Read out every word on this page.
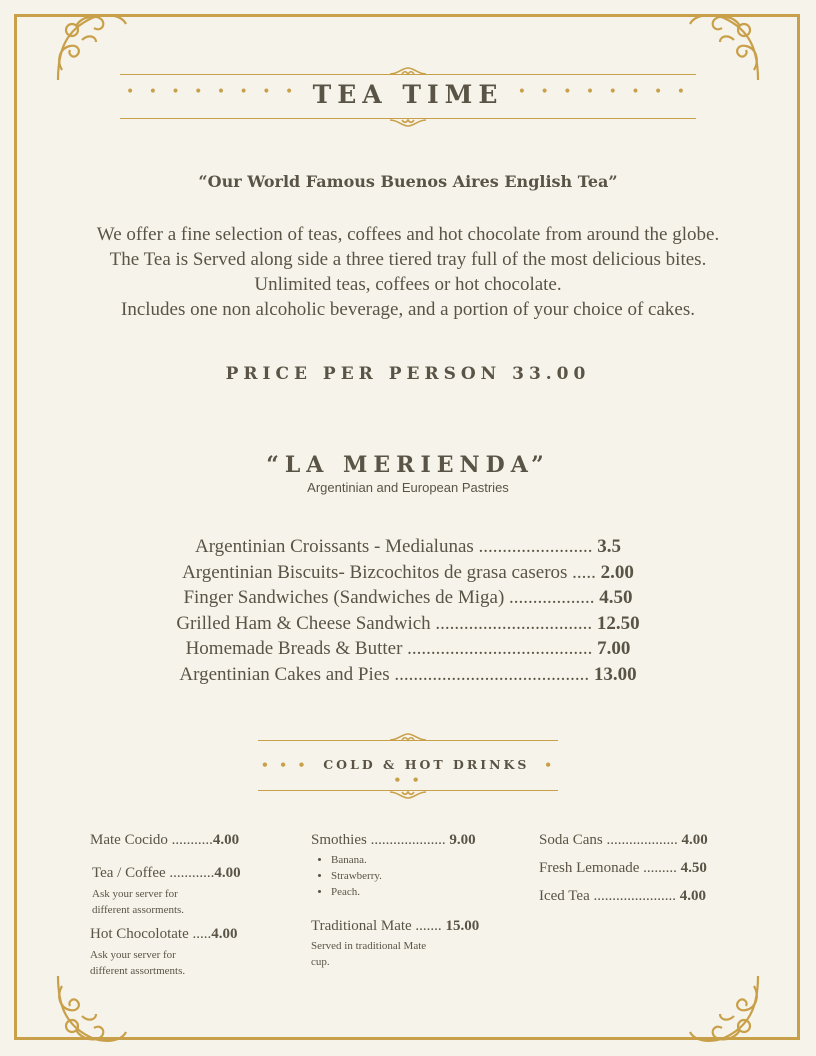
• • • • • • • • TEA TIME	• • • • • • • •
“Our World Famous Buenos Aires English Tea”
We offer a fine selection of teas, coffees and hot chocolate from around the globe.
The Tea is Served along side a three tiered tray full of the most delicious bites.
Unlimited teas, coffees or hot chocolate.
Includes one non alcoholic beverage, and a portion of your choice of cakes.
PRICE PER PERSON 33.00
“LA MERIENDA”
Argentinian and European Pastries
Argentinian Croissants - Medialunas ........................ 3.5
Argentinian Biscuits- Bizcochitos de grasa caseros ..... 2.00
Finger Sandwiches (Sandwiches de Miga) .................. 4.50
Grilled Ham & Cheese Sandwich ................................. 12.50
Homemade Breads & Butter ....................................... 7.00
Argentinian Cakes and Pies ......................................... 13.00
• • • COLD & HOT DRINKS • • •
Mate Cocido ...........4.00
Tea / Coffee ............4.00
Ask your server for
different assorments.
Hot Chocolotate .....4.00
Ask your server for
different assortments.
Smothies .................... 9.00
• Banana.
• Strawberry.
• Peach.
Traditional Mate ....... 15.00
Served in traditional Mate
cup.
Soda Cans ................... 4.00
Fresh Lemonade ......... 4.50
Iced Tea ...................... 4.00
